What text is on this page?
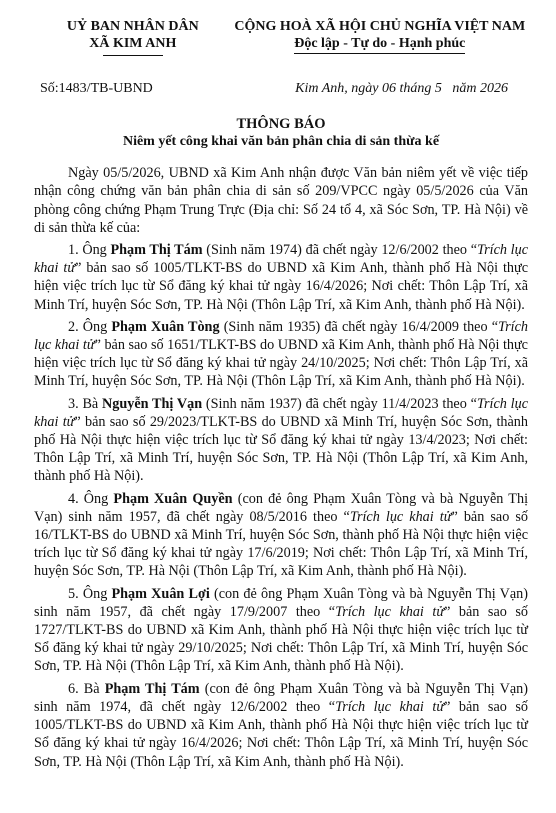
UỶ BAN NHÂN DÂN
XÃ KIM ANH
CỘNG HOÀ XÃ HỘI CHỦ NGHĨA VIỆT NAM
Độc lập - Tự do - Hạnh phúc
Số:1483/TB-UBND	Kim Anh, ngày 06 tháng 5   năm 2026
THÔNG BÁO
Niêm yết công khai văn bản phân chia di sản thừa kế

Ngày 05/5/2026, UBND xã Kim Anh nhận được Văn bản niêm yết về việc tiếp nhận công chứng văn bản phân chia di sản số 209/VPCC ngày 05/5/2026 của Văn phòng công chứng Phạm Trung Trực (Địa chỉ: Số 24 tổ 4, xã Sóc Sơn, TP. Hà Nội) về di sản thừa kế của:

1. Ông Phạm Thị Tám (Sinh năm 1974) đã chết ngày 12/6/2002 theo “Trích lục khai tử” bản sao số 1005/TLKT-BS do UBND xã Kim Anh, thành phố Hà Nội thực hiện việc trích lục từ Sổ đăng ký khai tử ngày 16/4/2026; Nơi chết: Thôn Lập Trí, xã Minh Trí, huyện Sóc Sơn, TP. Hà Nội (Thôn Lập Trí, xã Kim Anh, thành phố Hà Nội).

2. Ông Phạm Xuân Tòng (Sinh năm 1935) đã chết ngày 16/4/2009 theo “Trích lục khai tử” bản sao số 1651/TLKT-BS do UBND xã Kim Anh, thành phố Hà Nội thực hiện việc trích lục từ Sổ đăng ký khai tử ngày 24/10/2025; Nơi chết: Thôn Lập Trí, xã Minh Trí, huyện Sóc Sơn, TP. Hà Nội (Thôn Lập Trí, xã Kim Anh, thành phố Hà Nội).

3. Bà Nguyễn Thị Vạn (Sinh năm 1937) đã chết ngày 11/4/2023 theo “Trích lục khai tử” bản sao số 29/2023/TLKT-BS do UBND xã Minh Trí, huyện Sóc Sơn, thành phố Hà Nội thực hiện việc trích lục từ Sổ đăng ký khai tử ngày 13/4/2023; Nơi chết: Thôn Lập Trí, xã Minh Trí, huyện Sóc Sơn, TP. Hà Nội (Thôn Lập Trí, xã Kim Anh, thành phố Hà Nội).

4. Ông Phạm Xuân Quyền (con đẻ ông Phạm Xuân Tòng và bà Nguyễn Thị Vạn) sinh năm 1957, đã chết ngày 08/5/2016 theo “Trích lục khai tử” bản sao số 16/TLKT-BS do UBND xã Minh Trí, huyện Sóc Sơn, thành phố Hà Nội thực hiện việc trích lục từ Sổ đăng ký khai tử ngày 17/6/2019; Nơi chết: Thôn Lập Trí, xã Minh Trí, huyện Sóc Sơn, TP. Hà Nội (Thôn Lập Trí, xã Kim Anh, thành phố Hà Nội).

5. Ông Phạm Xuân Lợi (con đẻ ông Phạm Xuân Tòng và bà Nguyễn Thị Vạn) sinh năm 1957, đã chết ngày 17/9/2007 theo “Trích lục khai tử” bản sao số 1727/TLKT-BS do UBND xã Kim Anh, thành phố Hà Nội thực hiện việc trích lục từ Sổ đăng ký khai tử ngày 29/10/2025; Nơi chết: Thôn Lập Trí, xã Minh Trí, huyện Sóc Sơn, TP. Hà Nội (Thôn Lập Trí, xã Kim Anh, thành phố Hà Nội).

6. Bà Phạm Thị Tám (con đẻ ông Phạm Xuân Tòng và bà Nguyễn Thị Vạn) sinh năm 1974, đã chết ngày 12/6/2002 theo “Trích lục khai tử” bản sao số 1005/TLKT-BS do UBND xã Kim Anh, thành phố Hà Nội thực hiện việc trích lục từ Sổ đăng ký khai tử ngày 16/4/2026; Nơi chết: Thôn Lập Trí, xã Minh Trí, huyện Sóc Sơn, TP. Hà Nội (Thôn Lập Trí, xã Kim Anh, thành phố Hà Nội).
